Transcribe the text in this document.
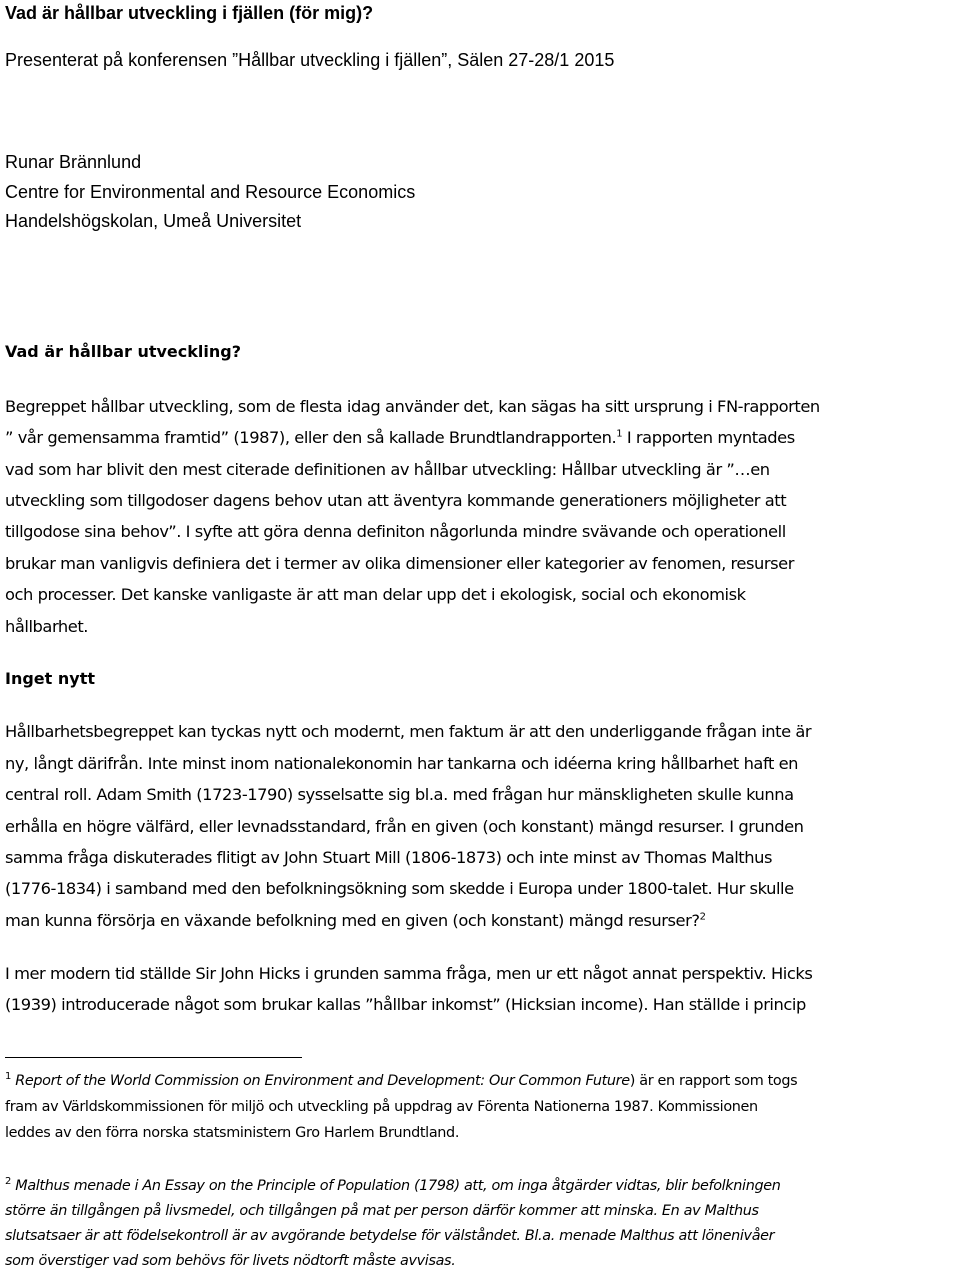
Vad är hållbar utveckling i fjällen (för mig)?
Presenterat på konferensen ”Hållbar utveckling i fjällen”, Sälen 27-28/1 2015
Runar Brännlund
Centre for Environmental and Resource Economics
Handelshögskolan, Umeå Universitet
Vad är hållbar utveckling?
Begreppet hållbar utveckling, som de flesta idag använder det, kan sägas ha sitt ursprung i FN-rapporten
” vår gemensamma framtid” (1987), eller den så kallade Brundtlandrapporten.$^1$ I rapporten myntades
vad som har blivit den mest citerade definitionen av hållbar utveckling: Hållbar utveckling är ”…en
utveckling som tillgodoser dagens behov utan att äventyra kommande generationers möjligheter att
tillgodose sina behov”. I syfte att göra denna definiton någorlunda mindre svävande och operationell
brukar man vanligvis definiera det i termer av olika dimensioner eller kategorier av fenomen, resurser
och processer. Det kanske vanligaste är att man delar upp det i ekologisk, social och ekonomisk
hållbarhet.
Inget nytt
Hållbarhetsbegreppet kan tyckas nytt och modernt, men faktum är att den underliggande frågan inte är
ny, långt därifrån. Inte minst inom nationalekonomin har tankarna och idéerna kring hållbarhet haft en
central roll. Adam Smith (1723-1790) sysselsatte sig bl.a. med frågan hur mänskligheten skulle kunna
erhålla en högre välfärd, eller levnadsstandard, från en given (och konstant) mängd resurser. I grunden
samma fråga diskuterades flitigt av John Stuart Mill (1806-1873) och inte minst av Thomas Malthus
(1776-1834) i samband med den befolkningsökning som skedde i Europa under 1800-talet. Hur skulle
man kunna försörja en växande befolkning med en given (och konstant) mängd resurser?$^2$
I mer modern tid ställde Sir John Hicks i grunden samma fråga, men ur ett något annat perspektiv. Hicks
(1939) introducerade något som brukar kallas ”hållbar inkomst” (Hicksian income). Han ställde i princip
$^1$ Report of the World Commission on Environment and Development: Our Common Future) är en rapport som togs
fram av Världskommissionen för miljö och utveckling på uppdrag av Förenta Nationerna 1987. Kommissionen
leddes av den förra norska statsministern Gro Harlem Brundtland.
$^2$ Malthus menade i An Essay on the Principle of Population (1798) att, om inga åtgärder vidtas, blir befolkningen
större än tillgången på livsmedel, och tillgången på mat per person därför kommer att minska. En av Malthus
slutsatsaer är att födelsekontroll är av avgörande betydelse för välståndet. Bl.a. menade Malthus att lönenivåer
som överstiger vad som behövs för livets nödtorft måste avvisas.
